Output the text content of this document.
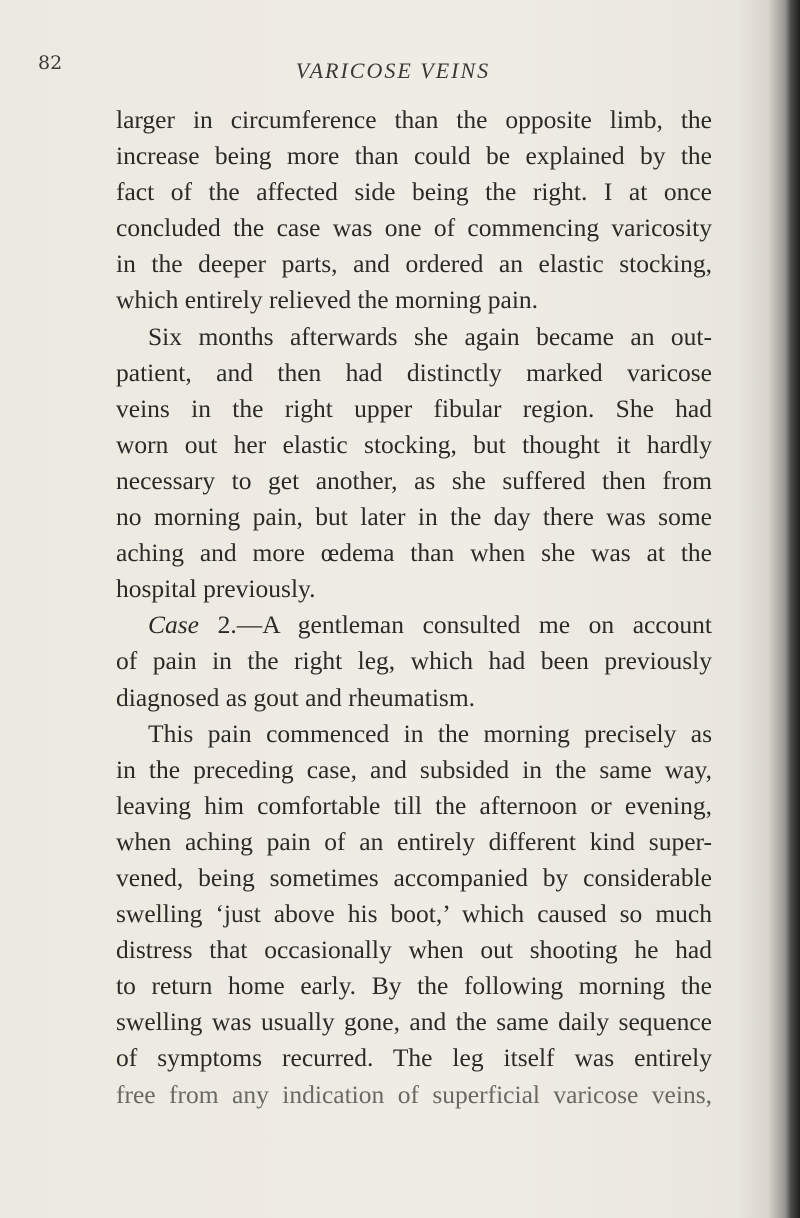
82	VARICOSE VEINS
larger in circumference than the opposite limb, the
increase being more than could be explained by the
fact of the affected side being the right. I at once
concluded the case was one of commencing varicosity
in the deeper parts, and ordered an elastic stocking,
which entirely relieved the morning pain.
Six months afterwards she again became an out-
patient, and then had distinctly marked varicose
veins in the right upper fibular region. She had
worn out her elastic stocking, but thought it hardly
necessary to get another, as she suffered then from
no morning pain, but later in the day there was some
aching and more œdema than when she was at the
hospital previously.
Case 2.—A gentleman consulted me on account
of pain in the right leg, which had been previously
diagnosed as gout and rheumatism.
This pain commenced in the morning precisely as
in the preceding case, and subsided in the same way,
leaving him comfortable till the afternoon or evening,
when aching pain of an entirely different kind super-
vened, being sometimes accompanied by considerable
swelling ‘just above his boot,’ which caused so much
distress that occasionally when out shooting he had
to return home early. By the following morning the
swelling was usually gone, and the same daily sequence
of symptoms recurred. The leg itself was entirely
free from any indication of superficial varicose veins,
